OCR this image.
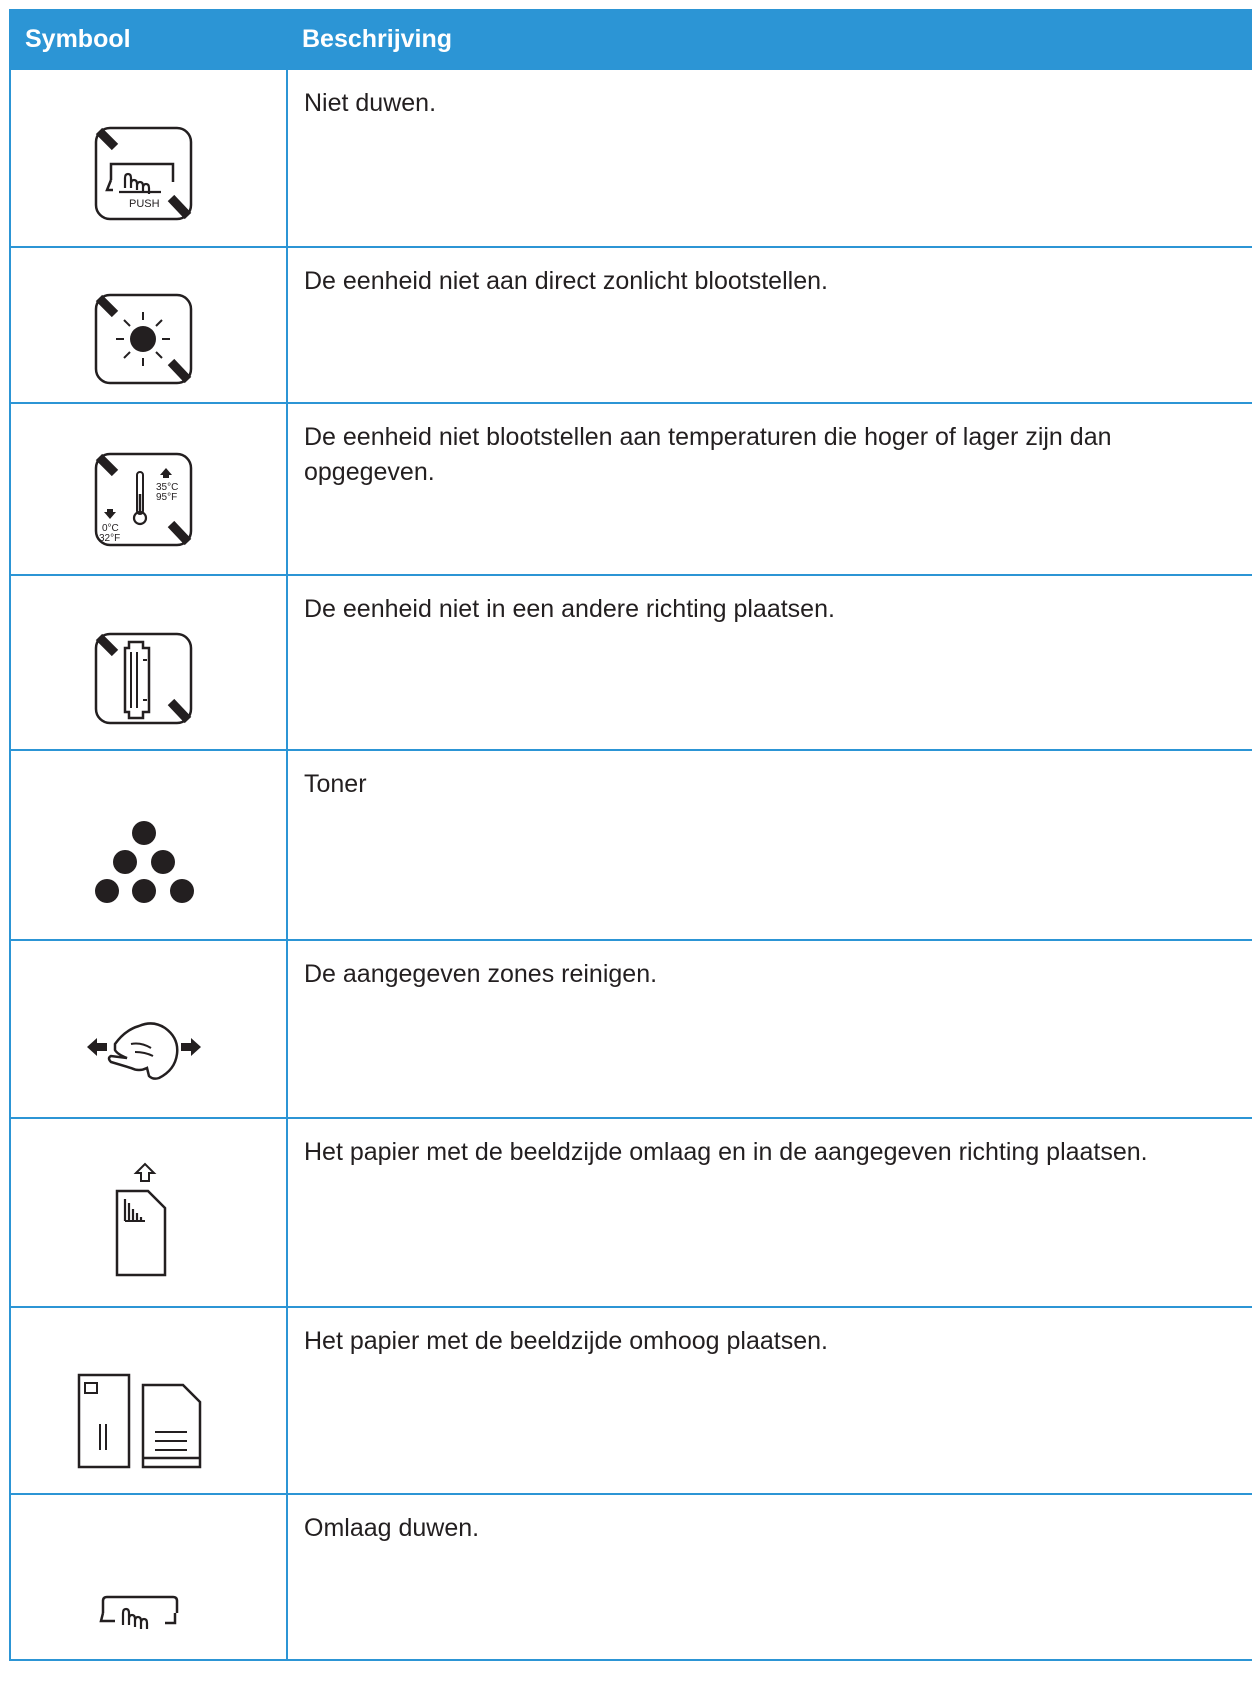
Symbool	Beschrijving
PUSH
Niet duwen.
De eenheid niet aan direct zonlicht blootstellen.
35°C
95°F
0°C
32°F
De eenheid niet blootstellen aan temperaturen die hoger of lager zijn dan opgegeven.
De eenheid niet in een andere richting plaatsen.
Toner
De aangegeven zones reinigen.
Het papier met de beeldzijde omlaag en in de aangegeven richting plaatsen.
Het papier met de beeldzijde omhoog plaatsen.
Omlaag duwen.
